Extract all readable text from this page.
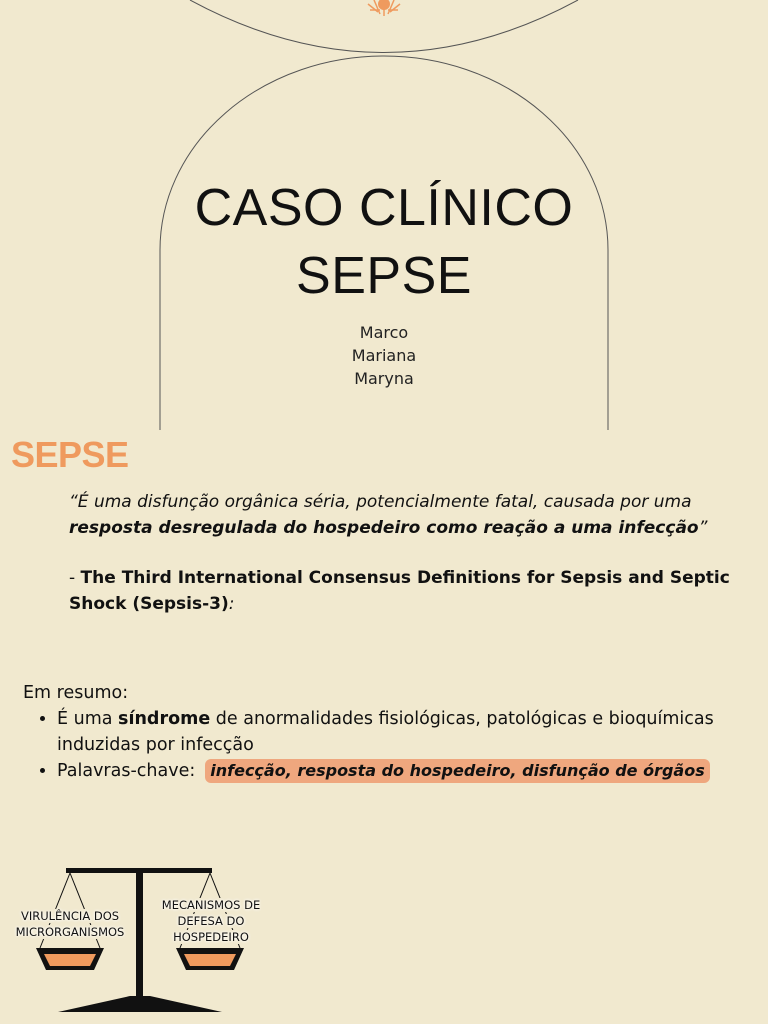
CASO CLÍNICO
SEPSE
Marco
Mariana
Maryna
SEPSE
“É uma disfunção orgânica séria, potencialmente fatal, causada por uma resposta desregulada do hospedeiro como reação a uma infecção”
- The Third International Consensus Definitions for Sepsis and Septic Shock (Sepsis-3):
Em resumo:
• É uma síndrome de anormalidades fisiológicas, patológicas e bioquímicas induzidas por infecção
• Palavras-chave: infecção, resposta do hospedeiro, disfunção de órgãos
VIRULÊNCIA DOS
MICRORGANISMOS
MECANISMOS DE
DEFESA DO
HOSPEDEIRO
